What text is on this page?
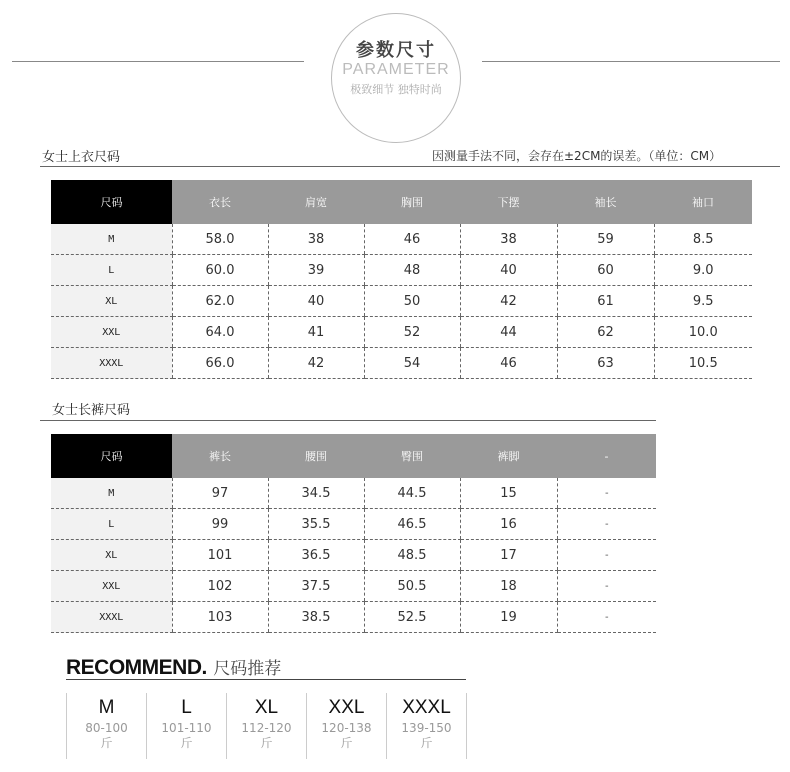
参数尺寸
PARAMETER
极致细节 独特时尚
女士上衣尺码	因测量手法不同，会存在±2CM的误差。（单位：CM）
尺码	衣长	肩宽	胸围	下摆	袖长	袖口
M	58.0	38	46	38	59	8.5
L	60.0	39	48	40	60	9.0
XL	62.0	40	50	42	61	9.5
XXL	64.0	41	52	44	62	10.0
XXXL	66.0	42	54	46	63	10.5
女士长裤尺码
尺码	裤长	腰围	臀围	裤脚	-
M	97	34.5	44.5	15	-
L	99	35.5	46.5	16	-
XL	101	36.5	48.5	17	-
XXL	102	37.5	50.5	18	-
XXXL	103	38.5	52.5	19	-
RECOMMEND. 尺码推荐
M
80-100
斤
L
101-110
斤
XL
112-120
斤
XXL
120-138
斤
XXXL
139-150
斤
